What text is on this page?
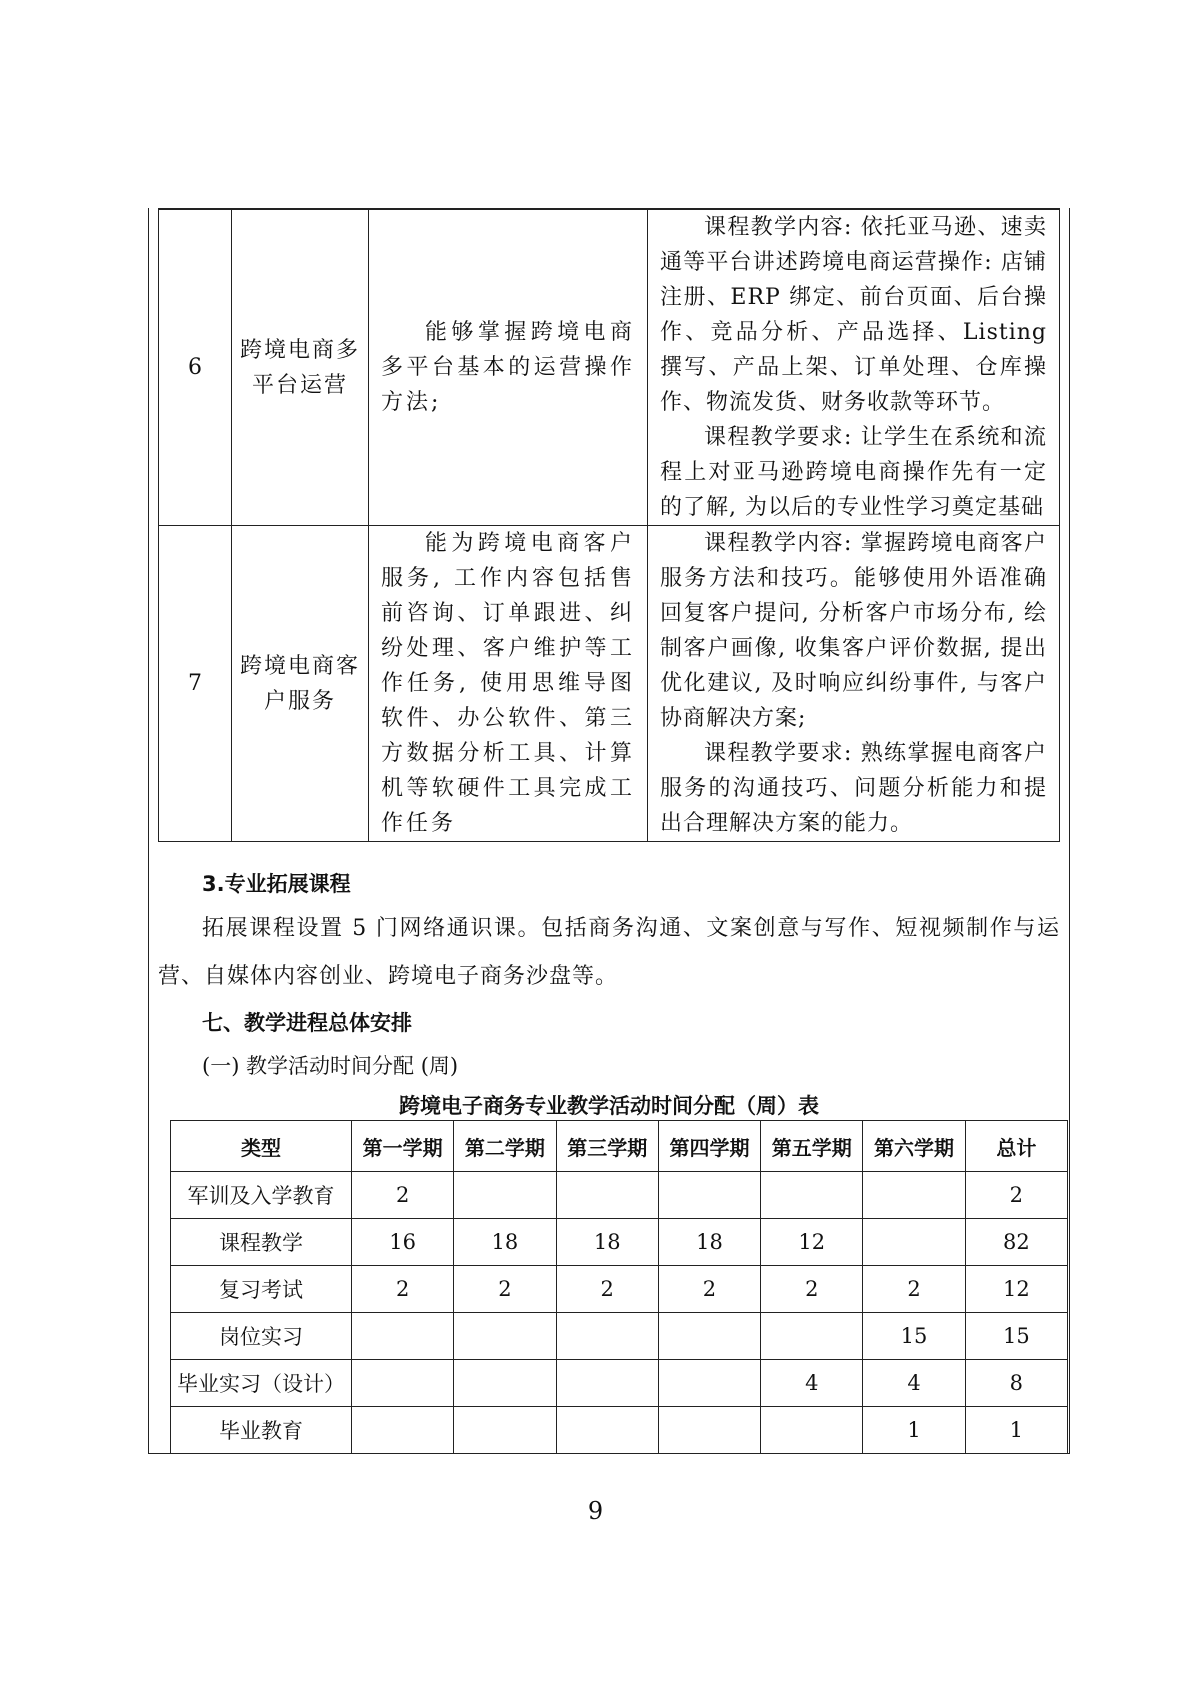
6	跨境电商多平台运营	能够掌握跨境电商多平台基本的运营操作方法;	课程教学内容: 依托亚马逊、速卖通等平台讲述跨境电商运营操作: 店铺注册、ERP 绑定、前台页面、后台操作、竞品分析、产品选择、Listing 撰写、产品上架、订单处理、仓库操作、物流发货、财务收款等环节。

课程教学要求: 让学生在系统和流程上对亚马逊跨境电商操作先有一定的了解, 为以后的专业性学习奠定基础

7	跨境电商客户服务	能为跨境电商客户服务, 工作内容包括售前咨询、订单跟进、纠纷处理、客户维护等工作任务, 使用思维导图软件、办公软件、第三方数据分析工具、计算机等软硬件工具完成工作任务	课程教学内容: 掌握跨境电商客户服务方法和技巧。能够使用外语准确回复客户提问, 分析客户市场分布, 绘制客户画像, 收集客户评价数据, 提出优化建议, 及时响应纠纷事件, 与客户协商解决方案;

课程教学要求: 熟练掌握电商客户服务的沟通技巧、问题分析能力和提出合理解决方案的能力。

3.专业拓展课程
拓展课程设置 5 门网络通识课。包括商务沟通、文案创意与写作、短视频制作与运营、自媒体内容创业、跨境电子商务沙盘等。
七、教学进程总体安排
(一) 教学活动时间分配 (周)
跨境电子商务专业教学活动时间分配（周）表
类型	第一学期	第二学期	第三学期	第四学期	第五学期	第六学期	总计
军训及入学教育	2						2
课程教学	16	18	18	18	12		82
复习考试	2	2	2	2	2	2	12
岗位实习						15	15
毕业实习（设计）					4	4	8
毕业教育						1	1
9
